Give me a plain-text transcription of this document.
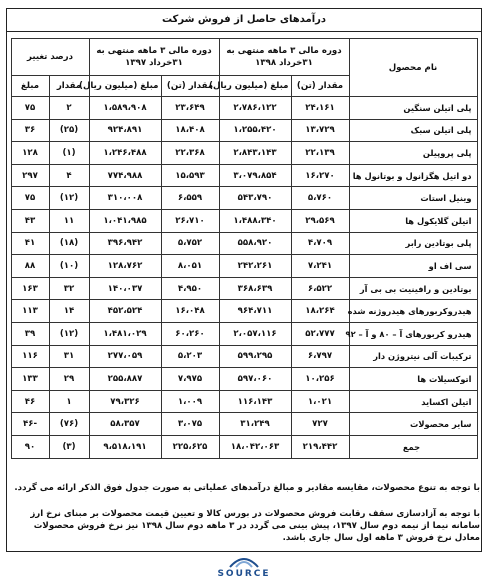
درآمدهای حاصل از فروش شرکت

نام محصول	دوره مالی ۳ ماهه منتهی به ۳۱خرداد ۱۳۹۸		دوره مالی ۳ ماهه منتهی به ۳۱خرداد ۱۳۹۷		درصد تغییر	
	مقدار (تن)	مبلغ (میلیون ریال)	مقدار (تن)	مبلغ (میلیون ریال)	مقدار	مبلغ
پلی اتیلن سنگین	۲۴،۱۶۱	۲،۷۸۶،۱۲۲	۲۳،۶۴۹	۱،۵۸۹،۹۰۸	۲	۷۵
پلی اتیلن سبک	۱۳،۷۲۹	۱،۲۵۵،۴۲۰	۱۸،۴۰۸	۹۲۴،۸۹۱	(۲۵)	۳۶
پلی پروپیلن	۲۲،۱۳۹	۲،۸۴۳،۱۴۳	۲۲،۳۶۸	۱،۲۴۶،۴۸۸	(۱)	۱۲۸
دو اتیل هگزانول و بوتانول ها	۱۶،۲۷۰	۳،۰۷۹،۸۵۴	۱۵،۵۹۳	۷۷۴،۹۸۸	۴	۲۹۷
وینیل استات	۵،۷۶۰	۵۴۳،۷۹۰	۶،۵۵۹	۳۱۰،۰۰۸	(۱۲)	۷۵
اتیلن گلایکول ها	۲۹،۵۶۹	۱،۴۸۸،۳۴۰	۲۶،۷۱۰	۱،۰۴۱،۹۸۵	۱۱	۴۳
پلی بوتادین رابر	۴،۷۰۹	۵۵۸،۹۲۰	۵،۷۵۲	۳۹۶،۹۴۲	(۱۸)	۴۱
سی اف او	۷،۲۴۱	۲۴۲،۲۶۱	۸،۰۵۱	۱۲۸،۷۶۲	(۱۰)	۸۸
بوتادین و رافینیت بی بی آر	۶،۵۲۲	۳۶۸،۶۳۹	۴،۹۵۰	۱۴۰،۰۳۷	۳۲	۱۶۳
هیدروکربورهای هیدروژنه شده	۱۸،۲۶۴	۹۶۴،۷۱۱	۱۶،۰۴۸	۴۵۲،۵۲۴	۱۴	۱۱۳
هیدرو کربورهای آ – ۸۰ و آ – ۹۲	۵۲،۷۷۷	۲،۰۵۷،۱۱۶	۶۰،۲۶۰	۱،۴۸۱،۰۲۹	(۱۲)	۳۹
ترکیبات آلی نیتروژن دار	۶،۷۹۷	۵۹۹،۲۹۵	۵،۲۰۳	۲۷۷،۰۵۹	۳۱	۱۱۶
اتوکسیلات ها	۱۰،۲۵۶	۵۹۷،۰۶۰	۷،۹۷۵	۲۵۵،۸۸۷	۲۹	۱۳۳
اتیلن اکساید	۱،۰۲۱	۱۱۶،۱۴۳	۱،۰۰۹	۷۹،۳۲۶	۱	۴۶
سایر محصولات	۷۲۷	۳۱،۲۴۹	۳،۰۷۵	۵۸،۳۵۷	(۷۶)	-۴۶
جمع	۲۱۹،۴۴۲	۱۸،۰۴۲،۰۶۳	۲۲۵،۶۲۵	۹،۵۱۸،۱۹۱	(۳)	۹۰
با توجه به تنوع محصولات، مقایسه مقادیر و مبالغ درآمدهای عملیاتی به صورت جدول فوق الذکر ارائه می گردد.
با توجه به آزادسازی سقف رقابت فروش محصولات در بورس کالا و تعیین قیمت محصولات بر مبنای نرخ ارز سامانه نیما از نیمه دوم سال ۱۳۹۷، پیش بینی می گردد در ۳ ماهه دوم سال ۱۳۹۸ نیز نرخ فروش محصولات معادل نرخ فروش ۳ ماهه اول سال جاری باشد.
SOURCE
